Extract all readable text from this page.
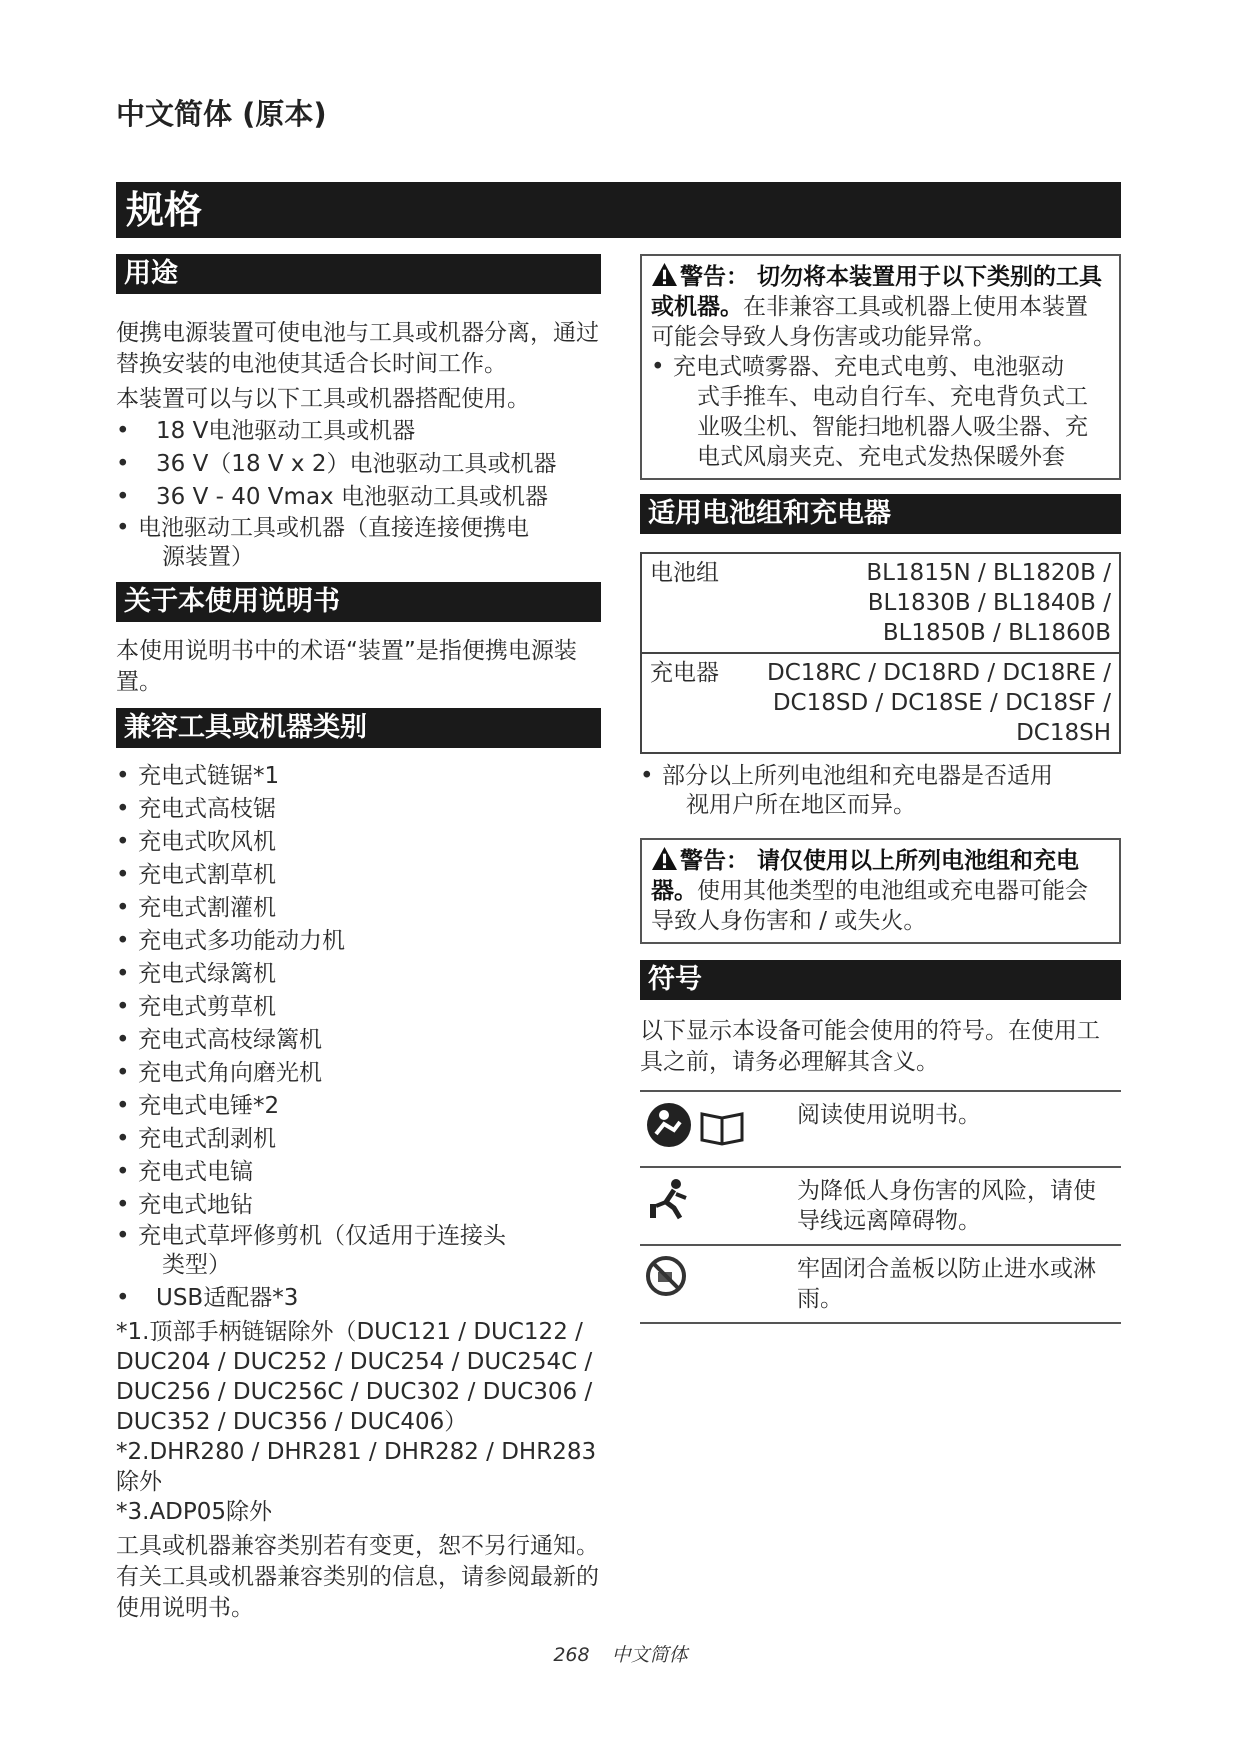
中文简体 (原本)
规格
用途

便携电源装置可使电池与工具或机器分离，通过替换安装的电池使其适合长时间工作。

本装置可以与以下工具或机器搭配使用。

• 18 V电池驱动工具或机器
• 36 V（18 V x 2）电池驱动工具或机器
• 36 V - 40 Vmax 电池驱动工具或机器
• 电池驱动工具或机器（直接连接便携电
源装置）
关于本使用说明书

本使用说明书中的术语“装置”是指便携电源装置。

兼容工具或机器类别
• 充电式链锯*1
• 充电式高枝锯
• 充电式吹风机
• 充电式割草机
• 充电式割灌机
• 充电式多功能动力机
• 充电式绿篱机
• 充电式剪草机
• 充电式高枝绿篱机
• 充电式角向磨光机
• 充电式电锤*2
• 充电式刮剥机
• 充电式电镐
• 充电式地钻
• 充电式草坪修剪机（仅适用于连接头
类型）
• USB适配器*3

*1.顶部手柄链锯除外（DUC121 / DUC122 / DUC204 / DUC252 / DUC254 / DUC254C / DUC256 / DUC256C / DUC302 / DUC306 / DUC352 / DUC356 / DUC406）

*2.DHR280 / DHR281 / DHR282 / DHR283除外

*3.ADP05除外

工具或机器兼容类别若有变更，恕不另行通知。有关工具或机器兼容类别的信息，请参阅最新的使用说明书。

警告： 切勿将本装置用于以下类别的工具或机器。在非兼容工具或机器上使用本装置可能会导致人身伤害或功能异常。
• 充电式喷雾器、充电式电剪、电池驱动
式手推车、电动自行车、充电背负式工业吸尘机、智能扫地机器人吸尘器、充电式风扇夹克、充电式发热保暖外套
适用电池组和充电器
电池组	BL1815N / BL1820B / BL1830B / BL1840B / BL1850B / BL1860B
充电器	DC18RC / DC18RD / DC18RE / DC18SD / DC18SE / DC18SF / DC18SH
• 部分以上所列电池组和充电器是否适用
视用户所在地区而异。
警告： 请仅使用以上所列电池组和充电器。使用其他类型的电池组或充电器可能会导致人身伤害和 / 或失火。
符号

以下显示本设备可能会使用的符号。在使用工具之前，请务必理解其含义。

	阅读使用说明书。
	为降低人身伤害的风险，请使导线远离障碍物。
	牢固闭合盖板以防止进水或淋雨。
268 中文简体
